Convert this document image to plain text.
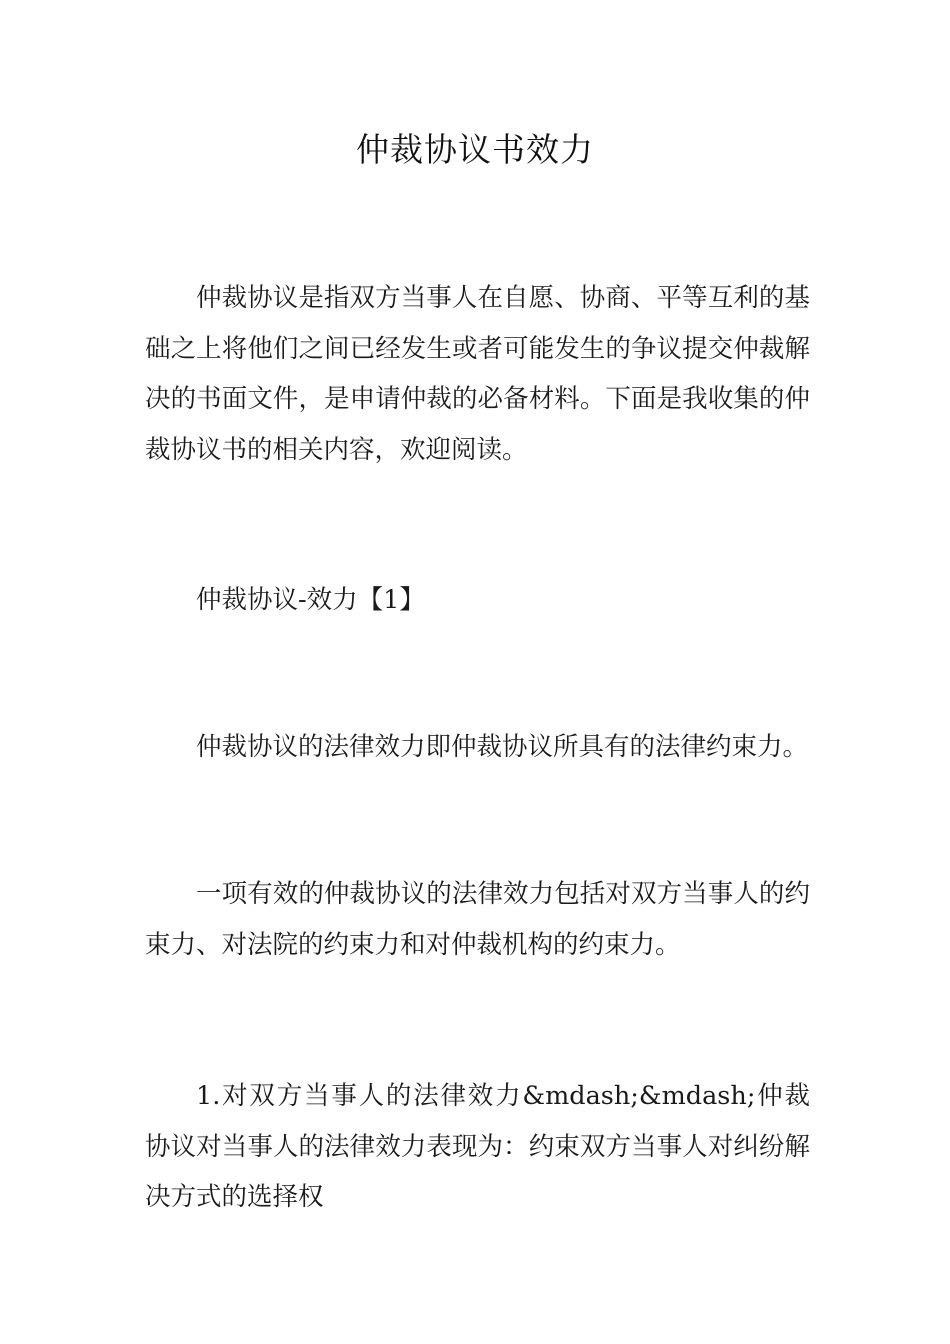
仲裁协议书效力

仲裁协议是指双方当事人在自愿、协商、平等互利的基础之上将他们之间已经发生或者可能发生的争议提交仲裁解决的书面文件，是申请仲裁的必备材料。下面是我收集的仲裁协议书的相关内容，欢迎阅读。

仲裁协议-效力【1】

仲裁协议的法律效力即仲裁协议所具有的法律约束力。

一项有效的仲裁协议的法律效力包括对双方当事人的约束力、对法院的约束力和对仲裁机构的约束力。

1.对双方当事人的法律效力&mdash;&mdash;仲裁协议对当事人的法律效力表现为：约束双方当事人对纠纷解决方式的选择权
